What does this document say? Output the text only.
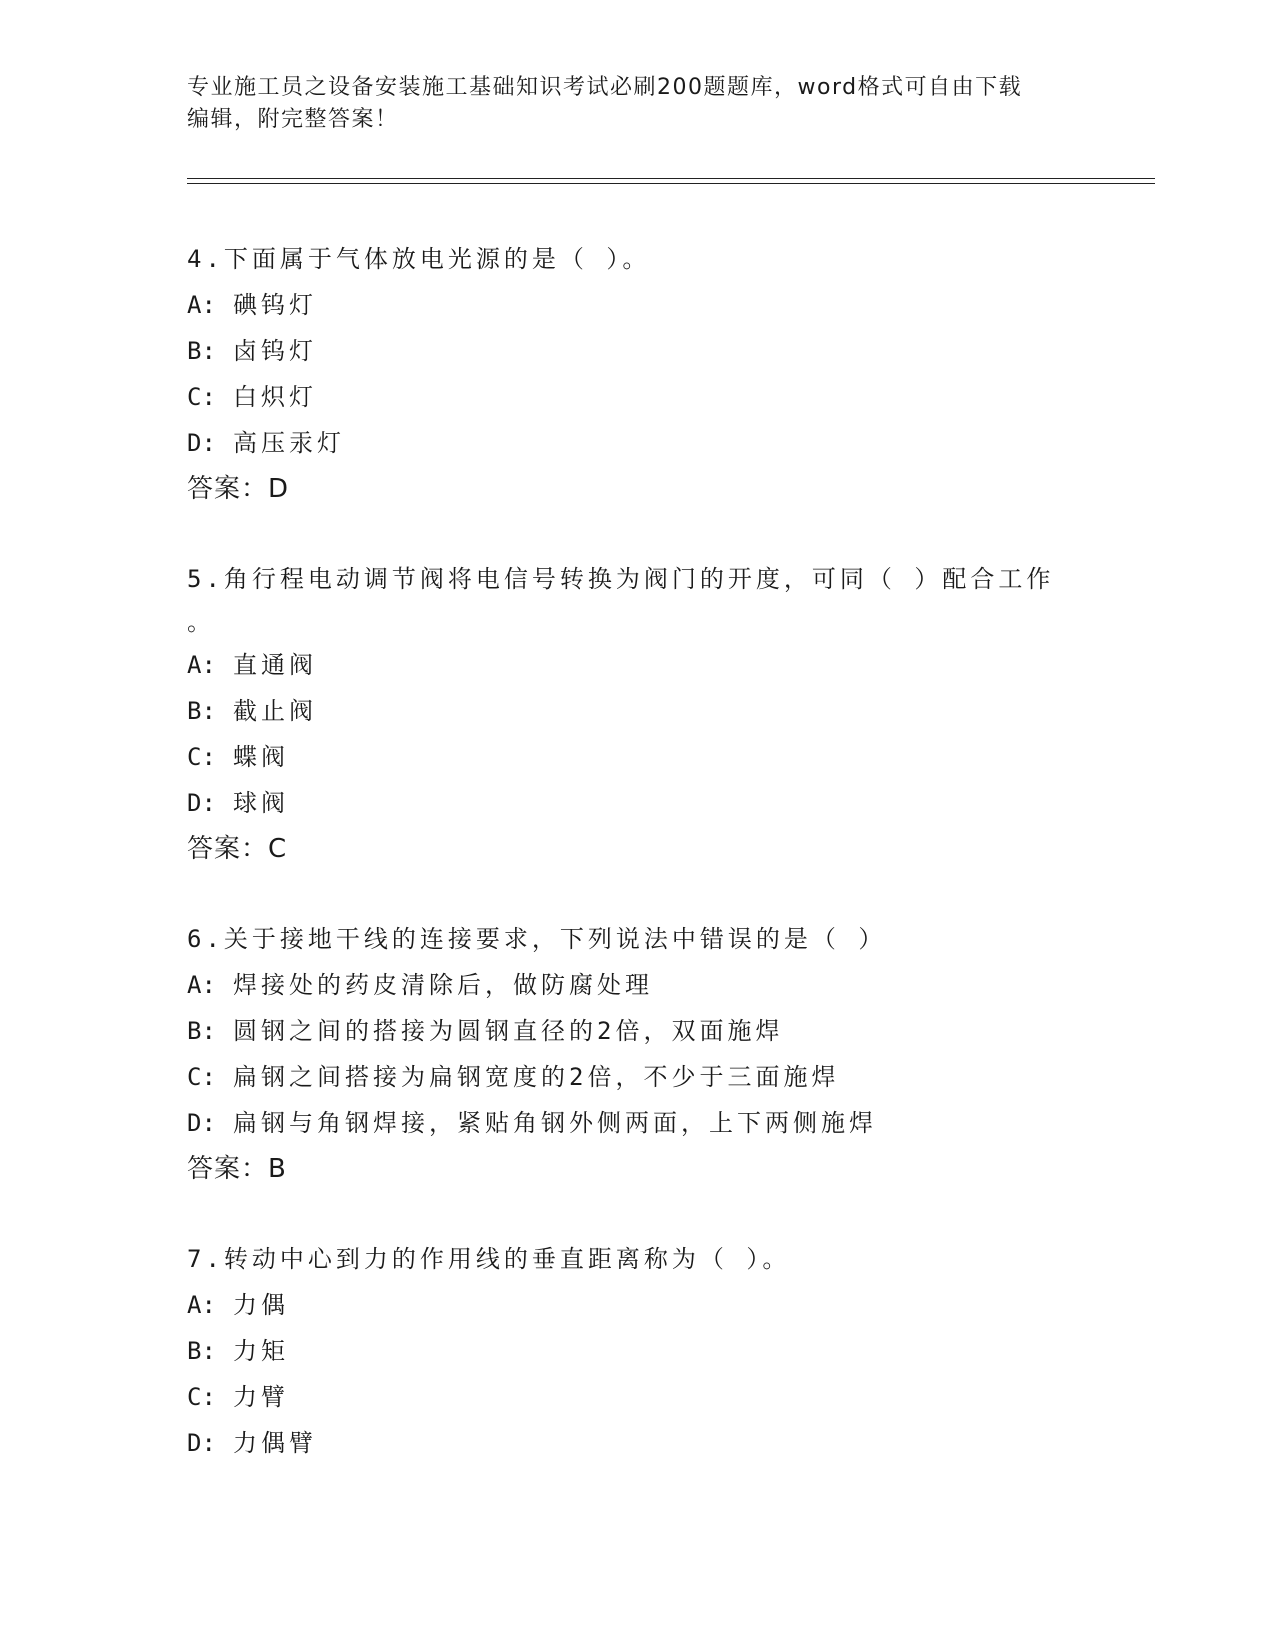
专业施工员之设备安装施工基础知识考试必刷200题题库，word格式可自由下载
编辑，附完整答案！
4.下面属于气体放电光源的是（ ）。
A: 碘钨灯
B: 卤钨灯
C: 白炽灯
D: 高压汞灯
答案：D
5.角行程电动调节阀将电信号转换为阀门的开度，可同（ ）配合工作
。
A: 直通阀
B: 截止阀
C: 蝶阀
D: 球阀
答案：C
6.关于接地干线的连接要求，下列说法中错误的是（ ）
A: 焊接处的药皮清除后，做防腐处理
B: 圆钢之间的搭接为圆钢直径的2倍，双面施焊
C: 扁钢之间搭接为扁钢宽度的2倍，不少于三面施焊
D: 扁钢与角钢焊接，紧贴角钢外侧两面，上下两侧施焊
答案：B
7.转动中心到力的作用线的垂直距离称为（ ）。
A: 力偶
B: 力矩
C: 力臂
D: 力偶臂
